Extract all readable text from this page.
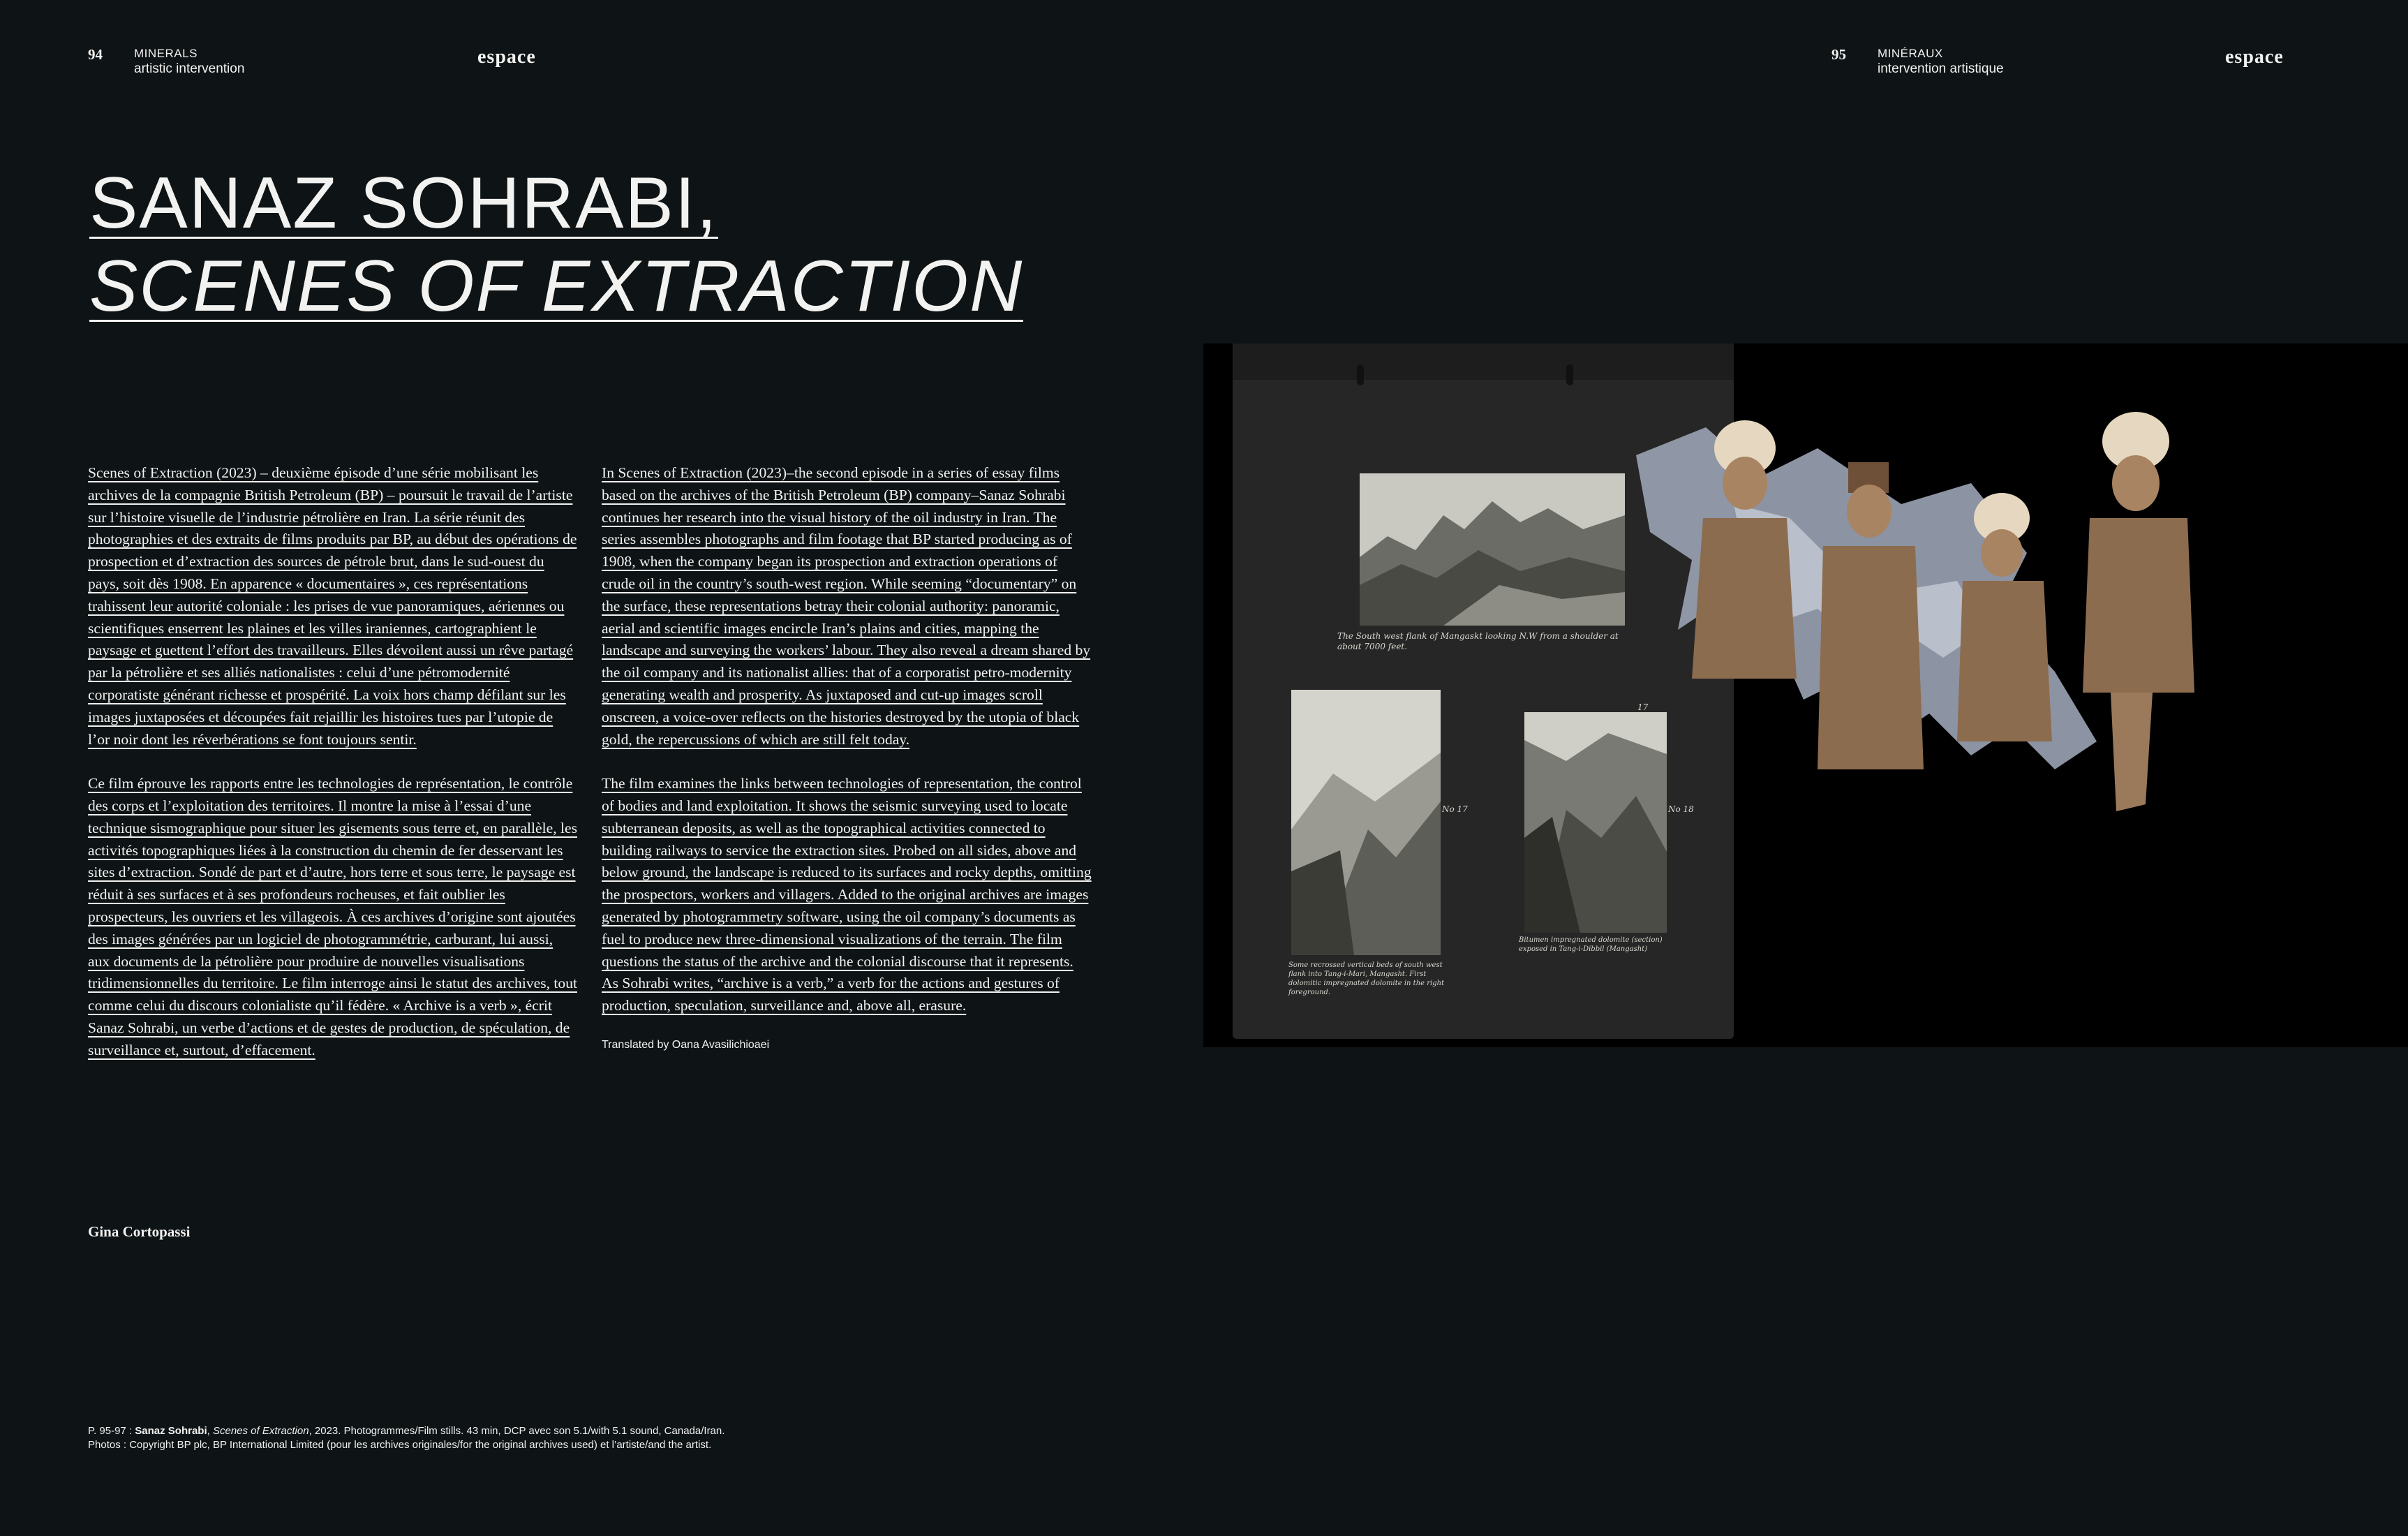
94	MINERALS
artistic intervention
espace	95	MINÉRAUX
intervention artistique
espace
SANAZ SOHRABI,
SCENES OF EXTRACTION

Scenes of Extraction (2023) – deuxième épisode d’une série mobilisant les archives de la compagnie British Petroleum (BP) – poursuit le travail de l’artiste sur l’histoire visuelle de l’industrie pétrolière en Iran. La série réunit des photographies et des extraits de films produits par BP, au début des opérations de prospection et d’extraction des sources de pétrole brut, dans le sud-ouest du pays, soit dès 1908. En apparence « documentaires », ces représentations trahissent leur autorité coloniale : les prises de vue panoramiques, aériennes ou scientifiques enserrent les plaines et les villes iraniennes, cartographient le paysage et guettent l’effort des travailleurs. Elles dévoilent aussi un rêve partagé par la pétrolière et ses alliés nationalistes : celui d’une pétromodernité corporatiste générant richesse et prospérité. La voix hors champ défilant sur les images juxtaposées et découpées fait rejaillir les histoires tues par l’utopie de l’or noir dont les réverbérations se font toujours sentir.

Ce film éprouve les rapports entre les technologies de représentation, le contrôle des corps et l’exploitation des territoires. Il montre la mise à l’essai d’une technique sismographique pour situer les gisements sous terre et, en parallèle, les activités topographiques liées à la construction du chemin de fer desservant les sites d’extraction. Sondé de part et d’autre, hors terre et sous terre, le paysage est réduit à ses surfaces et à ses profondeurs rocheuses, et fait oublier les prospecteurs, les ouvriers et les villageois. À ces archives d’origine sont ajoutées des images générées par un logiciel de photogrammétrie, carburant, lui aussi, aux documents de la pétrolière pour produire de nouvelles visualisations tridimensionnelles du territoire. Le film interroge ainsi le statut des archives, tout comme celui du discours colonialiste qu’il fédère. « Archive is a verb », écrit Sanaz Sohrabi, un verbe d’actions et de gestes de production, de spéculation, de surveillance et, surtout, d’effacement.

Gina Cortopassi

In Scenes of Extraction (2023)–the second episode in a series of essay films based on the archives of the British Petroleum (BP) company–Sanaz Sohrabi continues her research into the visual history of the oil industry in Iran. The series assembles photographs and film footage that BP started producing as of 1908, when the company began its prospection and extraction operations of crude oil in the country’s south-west region. While seeming “documentary” on the surface, these representations betray their colonial authority: panoramic, aerial and scientific images encircle Iran’s plains and cities, mapping the landscape and surveying the workers’ labour. They also reveal a dream shared by the oil company and its nationalist allies: that of a corporatist petro-modernity generating wealth and prosperity. As juxtaposed and cut-up images scroll onscreen, a voice-over reflects on the histories destroyed by the utopia of black gold, the repercussions of which are still felt today.

The film examines the links between technologies of representation, the control of bodies and land exploitation. It shows the seismic surveying used to locate subterranean deposits, as well as the topographical activities connected to building railways to service the extraction sites. Probed on all sides, above and below ground, the landscape is reduced to its surfaces and rocky depths, omitting the prospectors, workers and villagers. Added to the original archives are images generated by photogrammetry software, using the oil company’s documents as fuel to produce new three-dimensional visualizations of the terrain. The film questions the status of the archive and the colonial discourse that it represents. As Sohrabi writes, “archive is a verb,” a verb for the actions and gestures of production, speculation, surveillance and, above all, erasure.

Translated by Oana Avasilichioaei
The South west flank of Mangaskt looking N.W from a shoulder at about 7000 feet.
No 17
Some recrossed vertical beds of south west flank into Tang-i-Mari, Mangasht. First dolomitic impregnated dolomite in the right foreground.
No 18
17
Bitumen impregnated dolomite (section) exposed in Tang-i-Dibbil (Mangasht)
P. 95-97 : Sanaz Sohrabi, Scenes of Extraction, 2023. Photogrammes/Film stills. 43 min, DCP avec son 5.1/with 5.1 sound, Canada/Iran.
Photos : Copyright BP plc, BP International Limited (pour les archives originales/for the original archives used) et l’artiste/and the artist.
